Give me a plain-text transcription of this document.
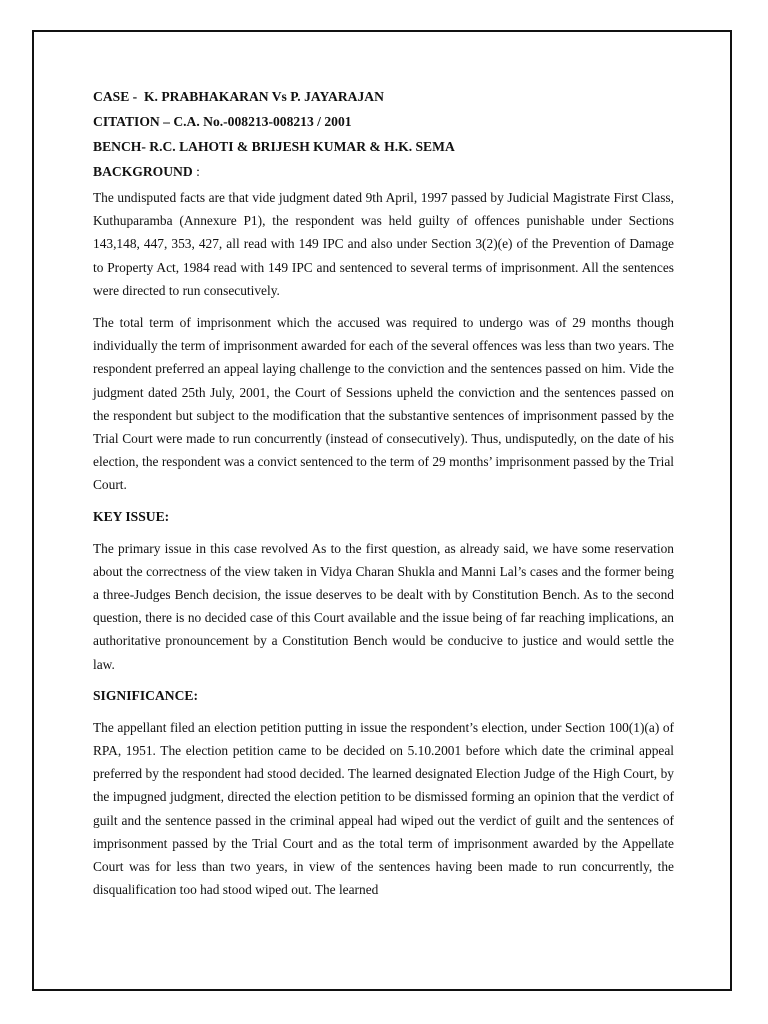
CASE -  K. PRABHAKARAN Vs P. JAYARAJAN
CITATION – C.A. No.-008213-008213 / 2001
BENCH- R.C. LAHOTI & BRIJESH KUMAR & H.K. SEMA
BACKGROUND :

The undisputed facts are that vide judgment dated 9th April, 1997 passed by Judicial Magistrate First Class, Kuthuparamba (Annexure P1), the respondent was held guilty of offences punishable under Sections 143,148, 447, 353, 427, all read with 149 IPC and also under Section 3(2)(e) of the Prevention of Damage to Property Act, 1984 read with 149 IPC and sentenced to several terms of imprisonment. All the sentences were directed to run consecutively.

The total term of imprisonment which the accused was required to undergo was of 29 months though individually the term of imprisonment awarded for each of the several offences was less than two years. The respondent preferred an appeal laying challenge to the conviction and the sentences passed on him. Vide the judgment dated 25th July, 2001, the Court of Sessions upheld the conviction and the sentences passed on the respondent but subject to the modification that the substantive sentences of imprisonment passed by the Trial Court were made to run concurrently (instead of consecutively). Thus, undisputedly, on the date of his election, the respondent was a convict sentenced to the term of 29 months’ imprisonment passed by the Trial Court.

KEY ISSUE:

The primary issue in this case revolved As to the first question, as already said, we have some reservation about the correctness of the view taken in Vidya Charan Shukla and Manni Lal’s cases and the former being a three-Judges Bench decision, the issue deserves to be dealt with by Constitution Bench. As to the second question, there is no decided case of this Court available and the issue being of far reaching implications, an authoritative pronouncement by a Constitution Bench would be conducive to justice and would settle the law.

SIGNIFICANCE:

The appellant filed an election petition putting in issue the respondent’s election, under Section 100(1)(a) of RPA, 1951. The election petition came to be decided on 5.10.2001 before which date the criminal appeal preferred by the respondent had stood decided. The learned designated Election Judge of the High Court, by the impugned judgment, directed the election petition to be dismissed forming an opinion that the verdict of guilt and the sentence passed in the criminal appeal had wiped out the verdict of guilt and the sentences of imprisonment passed by the Trial Court and as the total term of imprisonment awarded by the Appellate Court was for less than two years, in view of the sentences having been made to run concurrently, the disqualification too had stood wiped out. The learned
